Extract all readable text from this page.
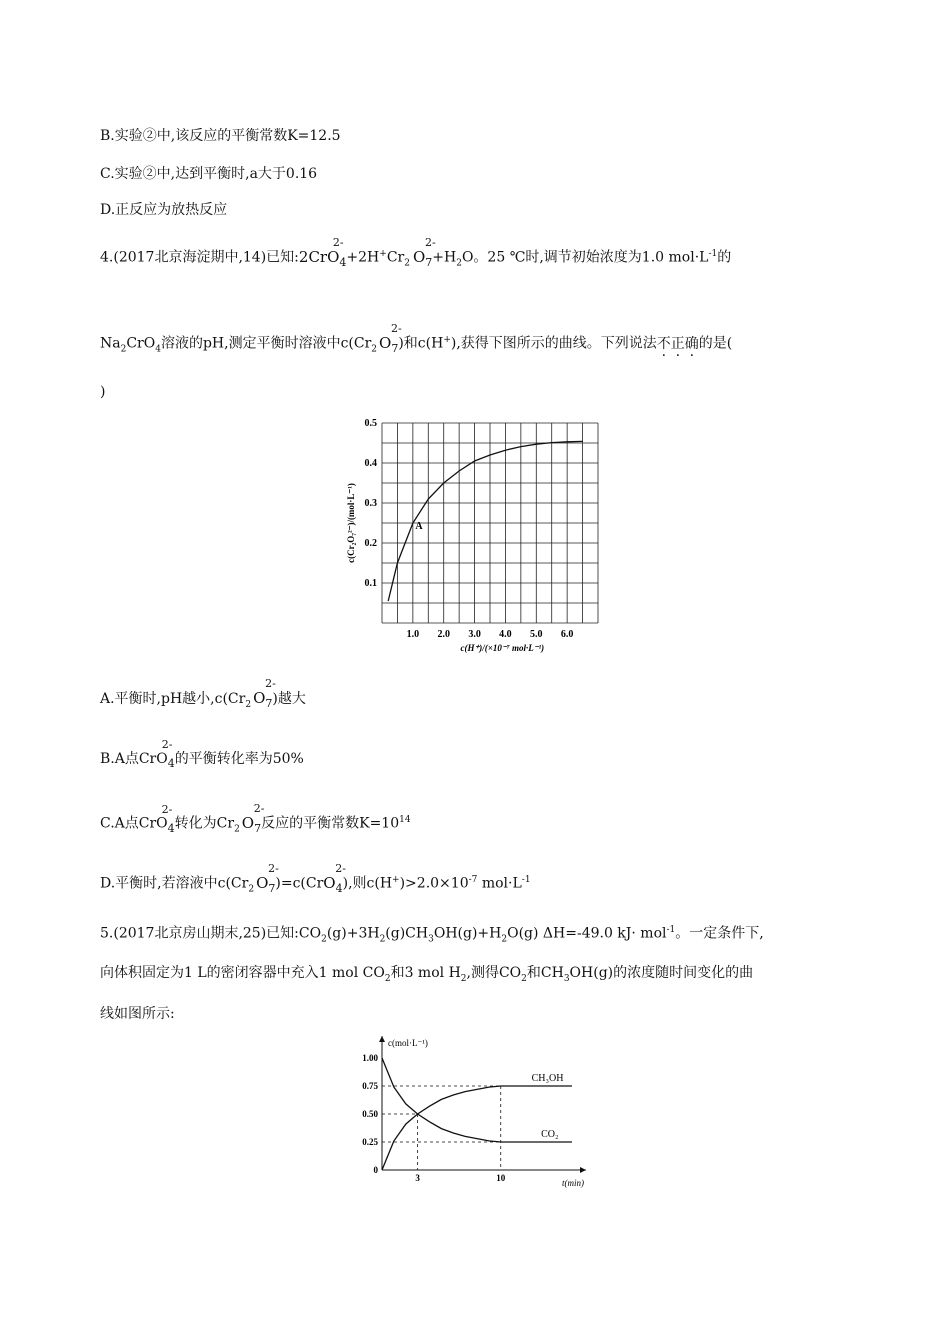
B.实验②中,该反应的平衡常数K=12.5
C.实验②中,达到平衡时,a大于0.16
D.正反应为放热反应
4.(2017北京海淀期中,14)已知:2CrO
2-
$_4+2H^+Cr_2$ O
2-
$_7+H_2O$。25 ℃时,调节初始浓度为1.0 $mol\cdot L^{-1}$的
$Na_2CrO_4$溶液的pH,测定平衡时溶液中$c(Cr_2$ O
2-
$_7$)和c(H+),获得下图所示的曲线。下列说法不正确的是(
)
1.0 2.0 3.0 4.0 5.0 6.0
0.1
0.2
0.3
0.4
0.5
A
c(H⁺)/(×10⁻⁷ mol·L⁻¹)
c(Cr₂O₇²⁻)/(mol·L⁻¹)
A.平衡时,pH越小$,c(Cr_2$ O
2-
$_7$)越大
B.A点CrO
2-
$_4$的平衡转化率为50%
C.A点CrO
2-
$_4$转化为$Cr_2$ O
2-
$_7$反应的平衡常数$K=10^{14}$
D.平衡时,若溶液中$c(Cr_2$ O
2-
$_7$)=c(CrO
2-
$_4$),则$c(H^+)>2.0\times 10^{-7}$ $mol\cdot L^{-1}$
5.(2017北京房山期末,25)已知$:CO_2(g)+3H_2(g)CH_3OH(g)+H_2O(g)$ ΔH=-49.0 kJ· mol$^{-1}$。一定条件下,
向体积固定为1 L的密闭容器中充入1 mol $CO_2$和3 mol $H_2$,测得$CO_2$和$CH_3OH(g)$的浓度随时间变化的曲
线如图所示:
0
0.25
0.50
0.75
1.00
3	10
CH₃OH
CO₂
c(mol·L⁻¹)
t(min)
